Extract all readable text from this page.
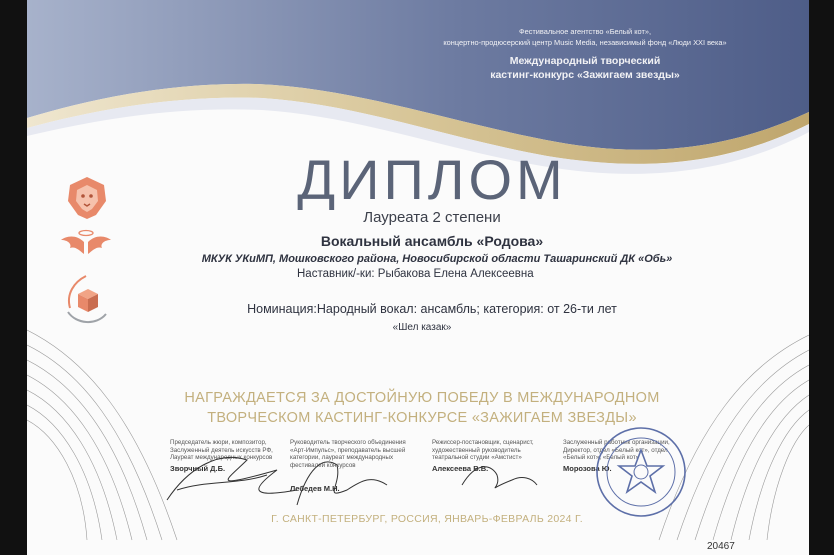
Фестивальное агентство «Белый кот»,
концертно-продюсерский центр Music Media, независимый фонд «Люди XXI века»
Международный творческий
кастинг-конкурс «Зажигаем звезды»
ДИПЛОМ
Лауреата 2 степени
Вокальный ансамбль «Родова»
МКУК УКиМП, Мошковского района, Новосибирской области Ташаринский ДК «Обь»
Наставник/-ки: Рыбакова Елена Алексеевна
Номинация:Народный вокал: ансамбль; категория: от 26-ти лет
«Шел казак»
НАГРАЖДАЕТСЯ ЗА ДОСТОЙНУЮ ПОБЕДУ В МЕЖДУНАРОДНОМ
ТВОРЧЕСКОМ КАСТИНГ-КОНКУРСЕ «ЗАЖИГАЕМ ЗВЕЗДЫ»
Председатель жюри, композитор, Заслуженный деятель искусств РФ, Лауреат международных конкурсов
Зворчный Д.Б.
Руководитель творческого объединения «Арт-Импульс», преподаватель высшей категории, лауреат международных фестивалей конкурсов
Лебедев М.Н.
Режиссер-постановщик, сценарист, художественный руководитель театральной студии «Амстист»
Алексеева В.В.
Заслуженный работник организации, Директор, отдел «Белый кот», отдел «Белый кот», «Белый кот»
Морозова Ю.
Г. САНКТ-ПЕТЕРБУРГ, РОССИЯ, ЯНВАРЬ-ФЕВРАЛЬ 2024 Г.
20467
